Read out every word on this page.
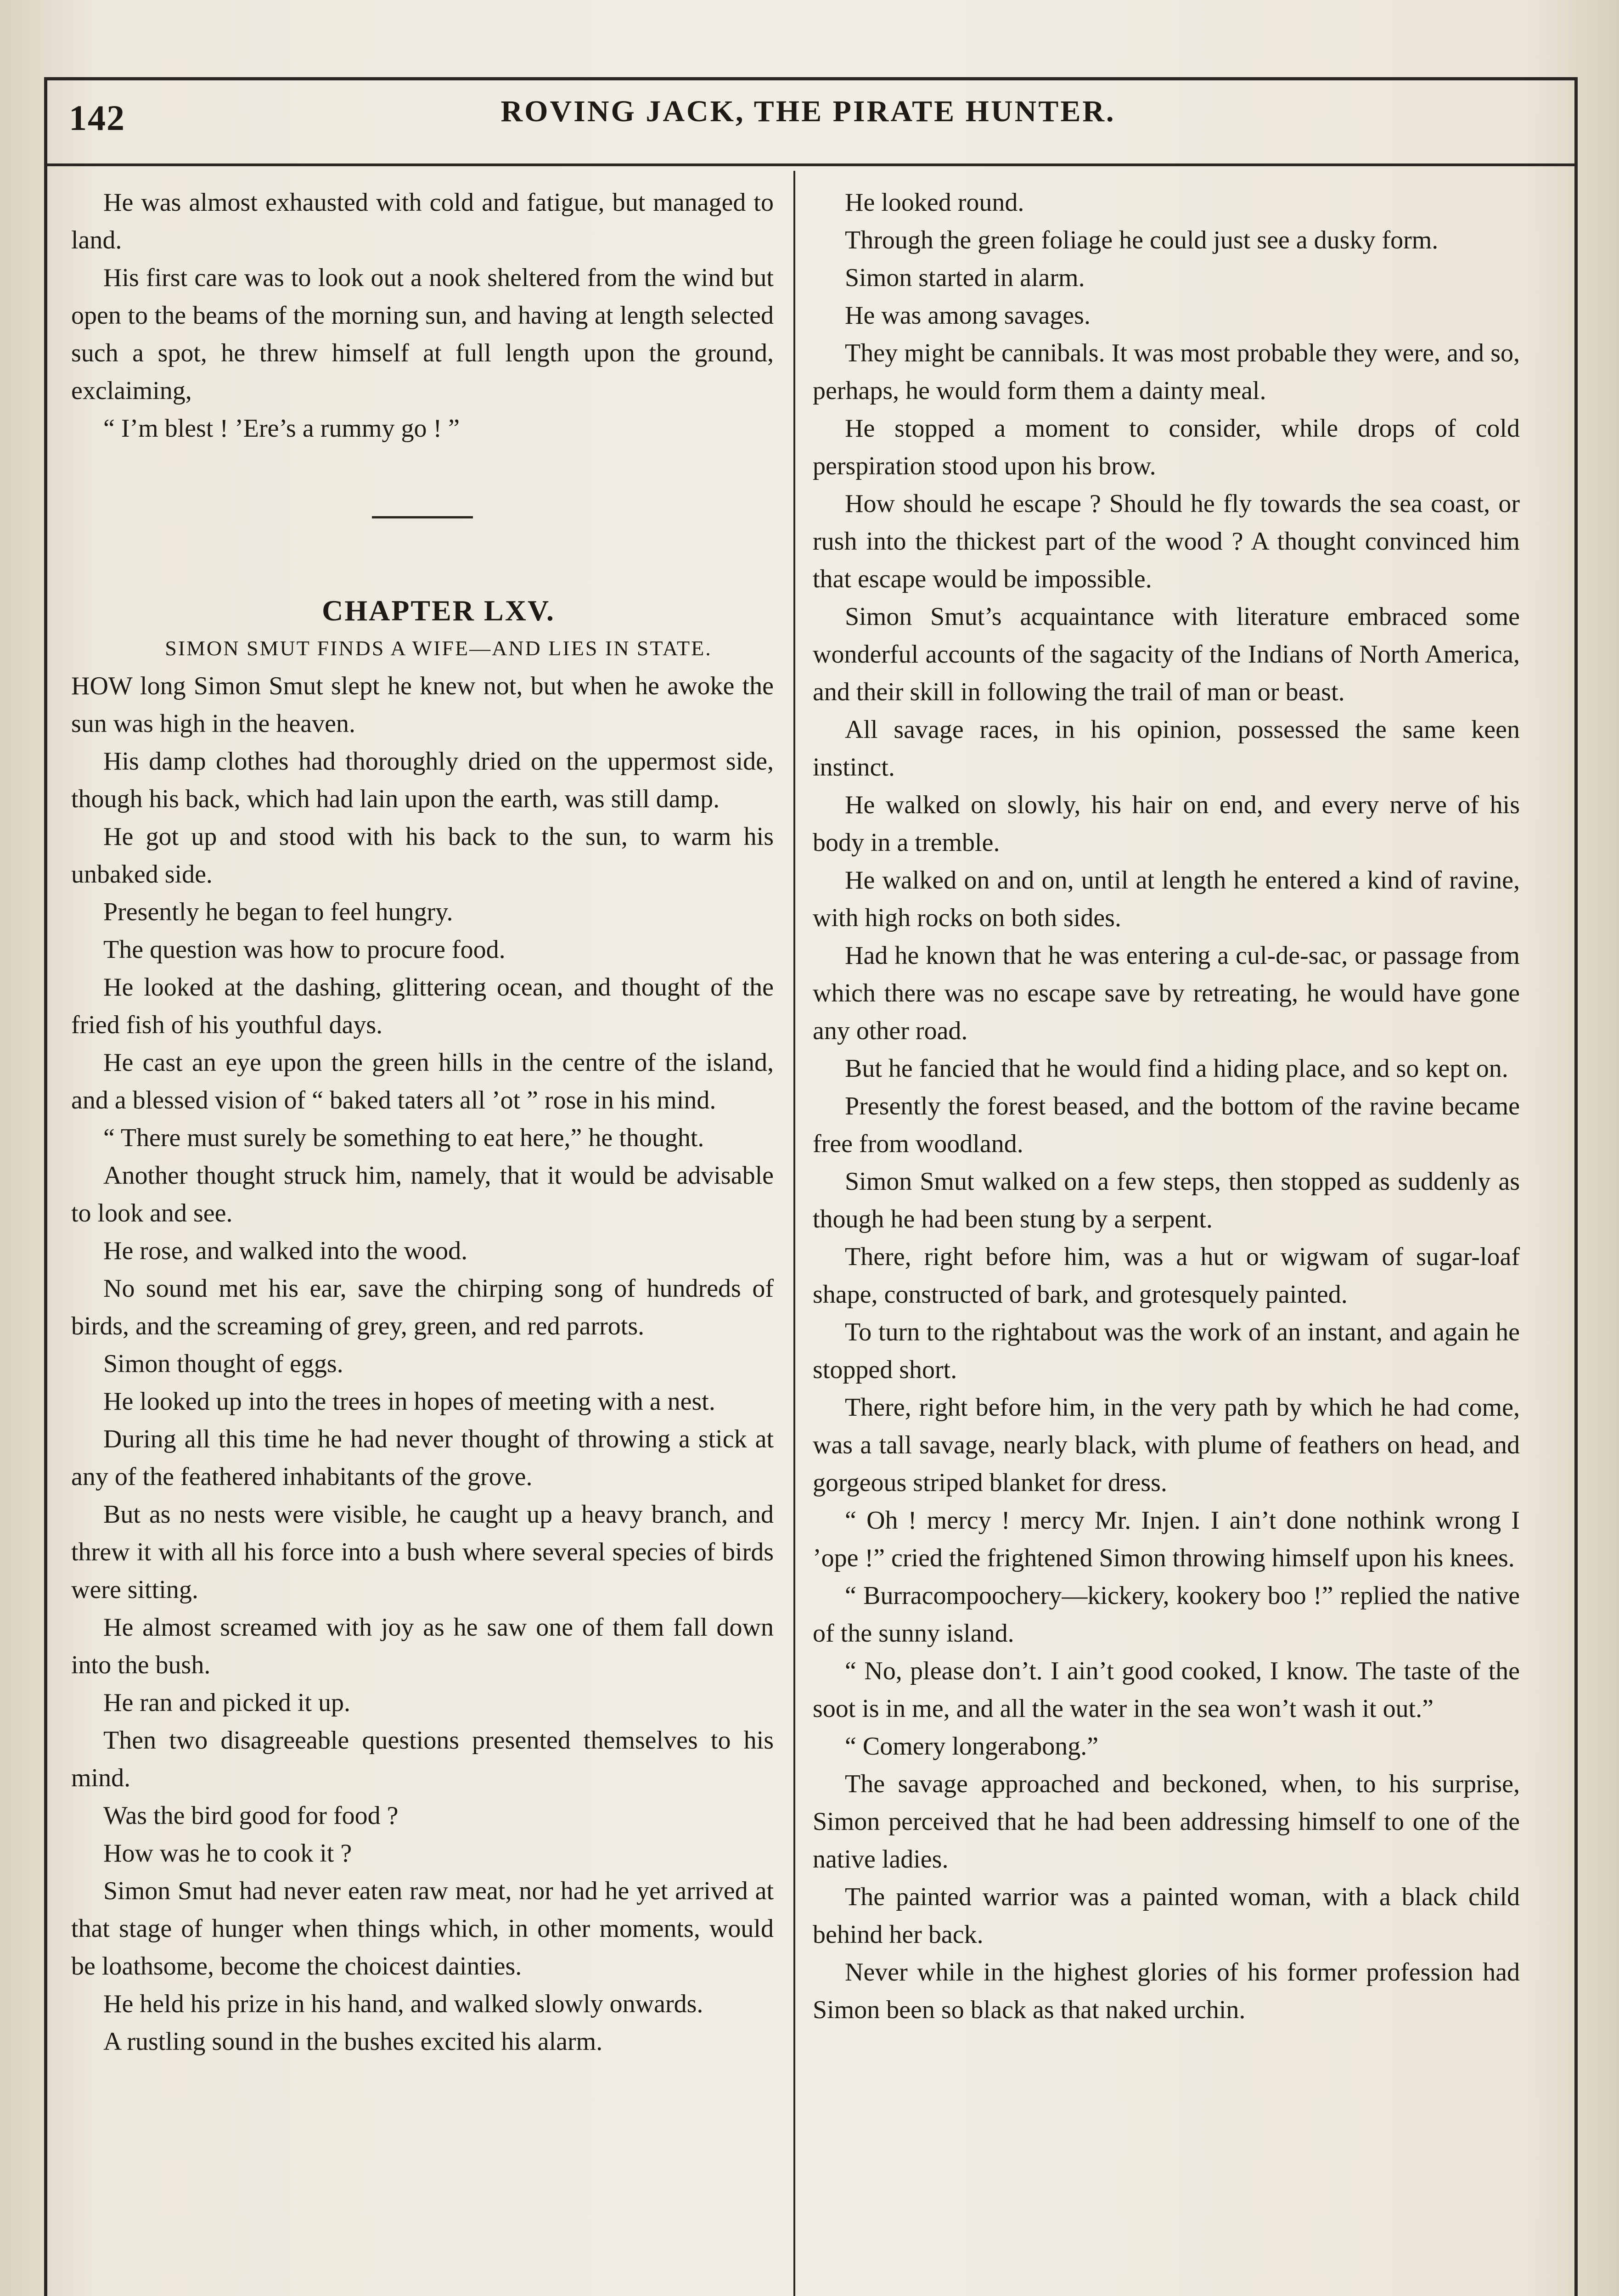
142	ROVING JACK, THE PIRATE HUNTER.

He was almost exhausted with cold and fatigue, but managed to land.

His first care was to look out a nook sheltered from the wind but open to the beams of the morning sun, and having at length selected such a spot, he threw himself at full length upon the ground, exclaiming,

“ I’m blest ! ’Ere’s a rummy go ! ”

CHAPTER LXV.

SIMON SMUT FINDS A WIFE—AND LIES IN STATE.

HOW long Simon Smut slept he knew not, but when he awoke the sun was high in the heaven.

His damp clothes had thoroughly dried on the uppermost side, though his back, which had lain upon the earth, was still damp.

He got up and stood with his back to the sun, to warm his unbaked side.

Presently he began to feel hungry.

The question was how to procure food.

He looked at the dashing, glittering ocean, and thought of the fried fish of his youthful days.

He cast an eye upon the green hills in the centre of the island, and a blessed vision of “ baked taters all ’ot ” rose in his mind.

“ There must surely be something to eat here,” he thought.

Another thought struck him, namely, that it would be advisable to look and see.

He rose, and walked into the wood.

No sound met his ear, save the chirping song of hundreds of birds, and the screaming of grey, green, and red parrots.

Simon thought of eggs.

He looked up into the trees in hopes of meeting with a nest.

During all this time he had never thought of throwing a stick at any of the feathered inhabitants of the grove.

But as no nests were visible, he caught up a heavy branch, and threw it with all his force into a bush where several species of birds were sitting.

He almost screamed with joy as he saw one of them fall down into the bush.

He ran and picked it up.

Then two disagreeable questions presented themselves to his mind.

Was the bird good for food ?

How was he to cook it ?

Simon Smut had never eaten raw meat, nor had he yet arrived at that stage of hunger when things which, in other moments, would be loathsome, become the choicest dainties.

He held his prize in his hand, and walked slowly onwards.

A rustling sound in the bushes excited his alarm.

He looked round.

Through the green foliage he could just see a dusky form.

Simon started in alarm.

He was among savages.

They might be cannibals. It was most probable they were, and so, perhaps, he would form them a dainty meal.

He stopped a moment to consider, while drops of cold perspiration stood upon his brow.

How should he escape ? Should he fly towards the sea coast, or rush into the thickest part of the wood ? A thought convinced him that escape would be impossible.

Simon Smut’s acquaintance with literature embraced some wonderful accounts of the sagacity of the Indians of North America, and their skill in following the trail of man or beast.

All savage races, in his opinion, possessed the same keen instinct.

He walked on slowly, his hair on end, and every nerve of his body in a tremble.

He walked on and on, until at length he entered a kind of ravine, with high rocks on both sides.

Had he known that he was entering a cul-de-sac, or passage from which there was no escape save by retreating, he would have gone any other road.

But he fancied that he would find a hiding place, and so kept on.

Presently the forest beased, and the bottom of the ravine became free from woodland.

Simon Smut walked on a few steps, then stopped as suddenly as though he had been stung by a serpent.

There, right before him, was a hut or wigwam of sugar-loaf shape, constructed of bark, and grotesquely painted.

To turn to the rightabout was the work of an instant, and again he stopped short.

There, right before him, in the very path by which he had come, was a tall savage, nearly black, with plume of feathers on head, and gorgeous striped blanket for dress.

“ Oh ! mercy ! mercy Mr. Injen. I ain’t done nothink wrong I ’ope !” cried the frightened Simon throwing himself upon his knees.

“ Burracompoochery—kickery, kookery boo !” replied the native of the sunny island.

“ No, please don’t. I ain’t good cooked, I know. The taste of the soot is in me, and all the water in the sea won’t wash it out.”

“ Comery longerabong.”

The savage approached and beckoned, when, to his surprise, Simon perceived that he had been addressing himself to one of the native ladies.

The painted warrior was a painted woman, with a black child behind her back.

Never while in the highest glories of his former profession had Simon been so black as that naked urchin.
